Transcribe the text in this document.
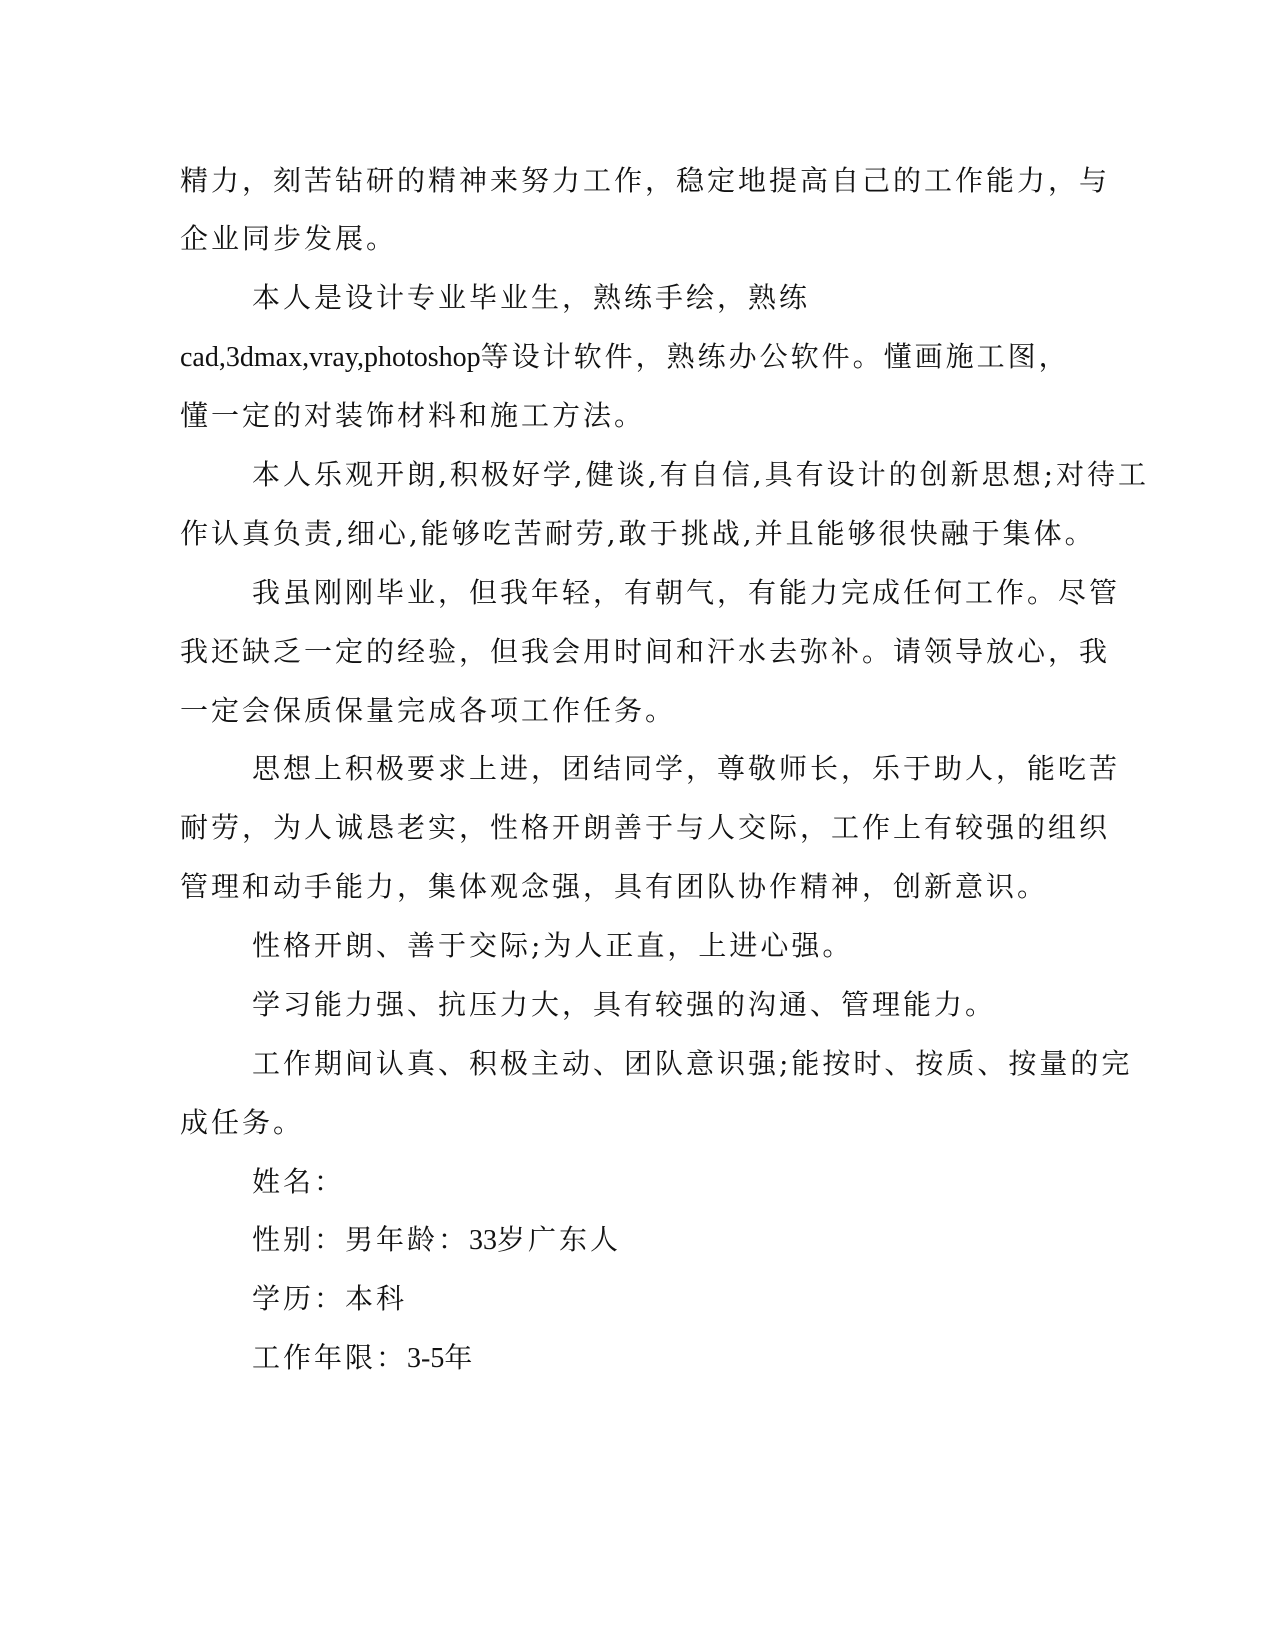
精力，刻苦钻研的精神来努力工作，稳定地提高自己的工作能力，与
企业同步发展。
本人是设计专业毕业生，熟练手绘，熟练
cad,3dmax,vray,photoshop等设计软件，熟练办公软件。懂画施工图，
懂一定的对装饰材料和施工方法。
本人乐观开朗,积极好学,健谈,有自信,具有设计的创新思想;对待工
作认真负责,细心,能够吃苦耐劳,敢于挑战,并且能够很快融于集体。
我虽刚刚毕业，但我年轻，有朝气，有能力完成任何工作。尽管
我还缺乏一定的经验，但我会用时间和汗水去弥补。请领导放心，我
一定会保质保量完成各项工作任务。
思想上积极要求上进，团结同学，尊敬师长，乐于助人，能吃苦
耐劳，为人诚恳老实，性格开朗善于与人交际，工作上有较强的组织
管理和动手能力，集体观念强，具有团队协作精神，创新意识。
性格开朗、善于交际;为人正直，上进心强。
学习能力强、抗压力大，具有较强的沟通、管理能力。
工作期间认真、积极主动、团队意识强;能按时、按质、按量的完
成任务。
姓名：
性别：男年龄：33岁广东人
学历：本科
工作年限：3-5年
